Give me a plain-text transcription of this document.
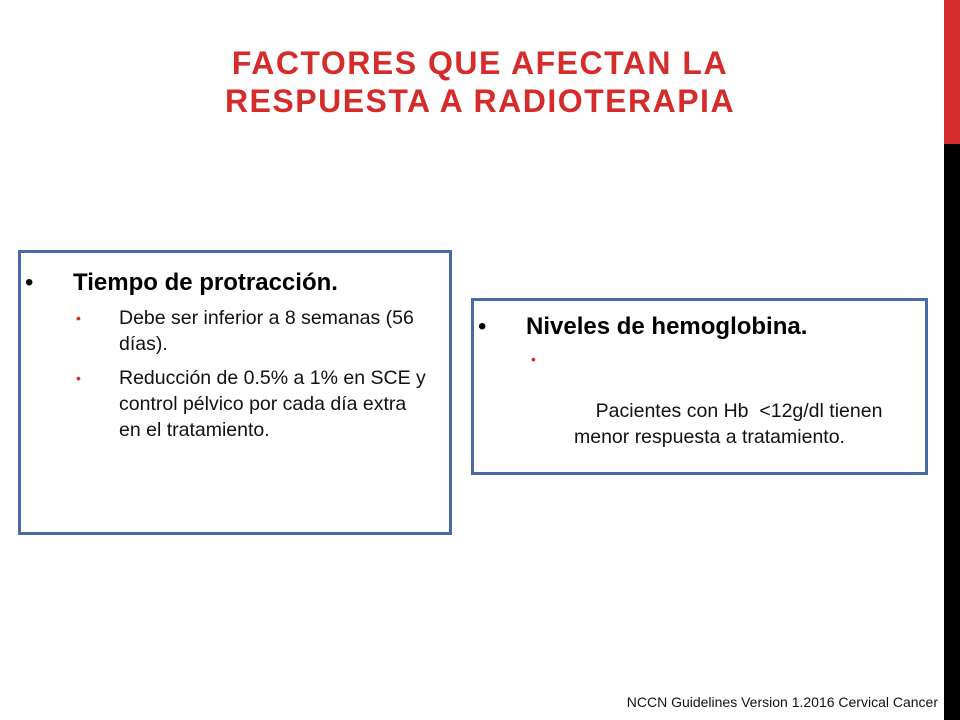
FACTORES QUE AFECTAN LA
RESPUESTA A RADIOTERAPIA
•	Tiempo de protracción.
• Debe ser inferior a 8 semanas (56 días).
• Reducción de 0.5% a 1% en SCE y control pélvico por cada día extra en el tratamiento.
•	Niveles de hemoglobina.

•

Pacientes con Hb  <12g/dl tienen menor respuesta a tratamiento.

NCCN Guidelines Version 1.2016 Cervical Cancer
